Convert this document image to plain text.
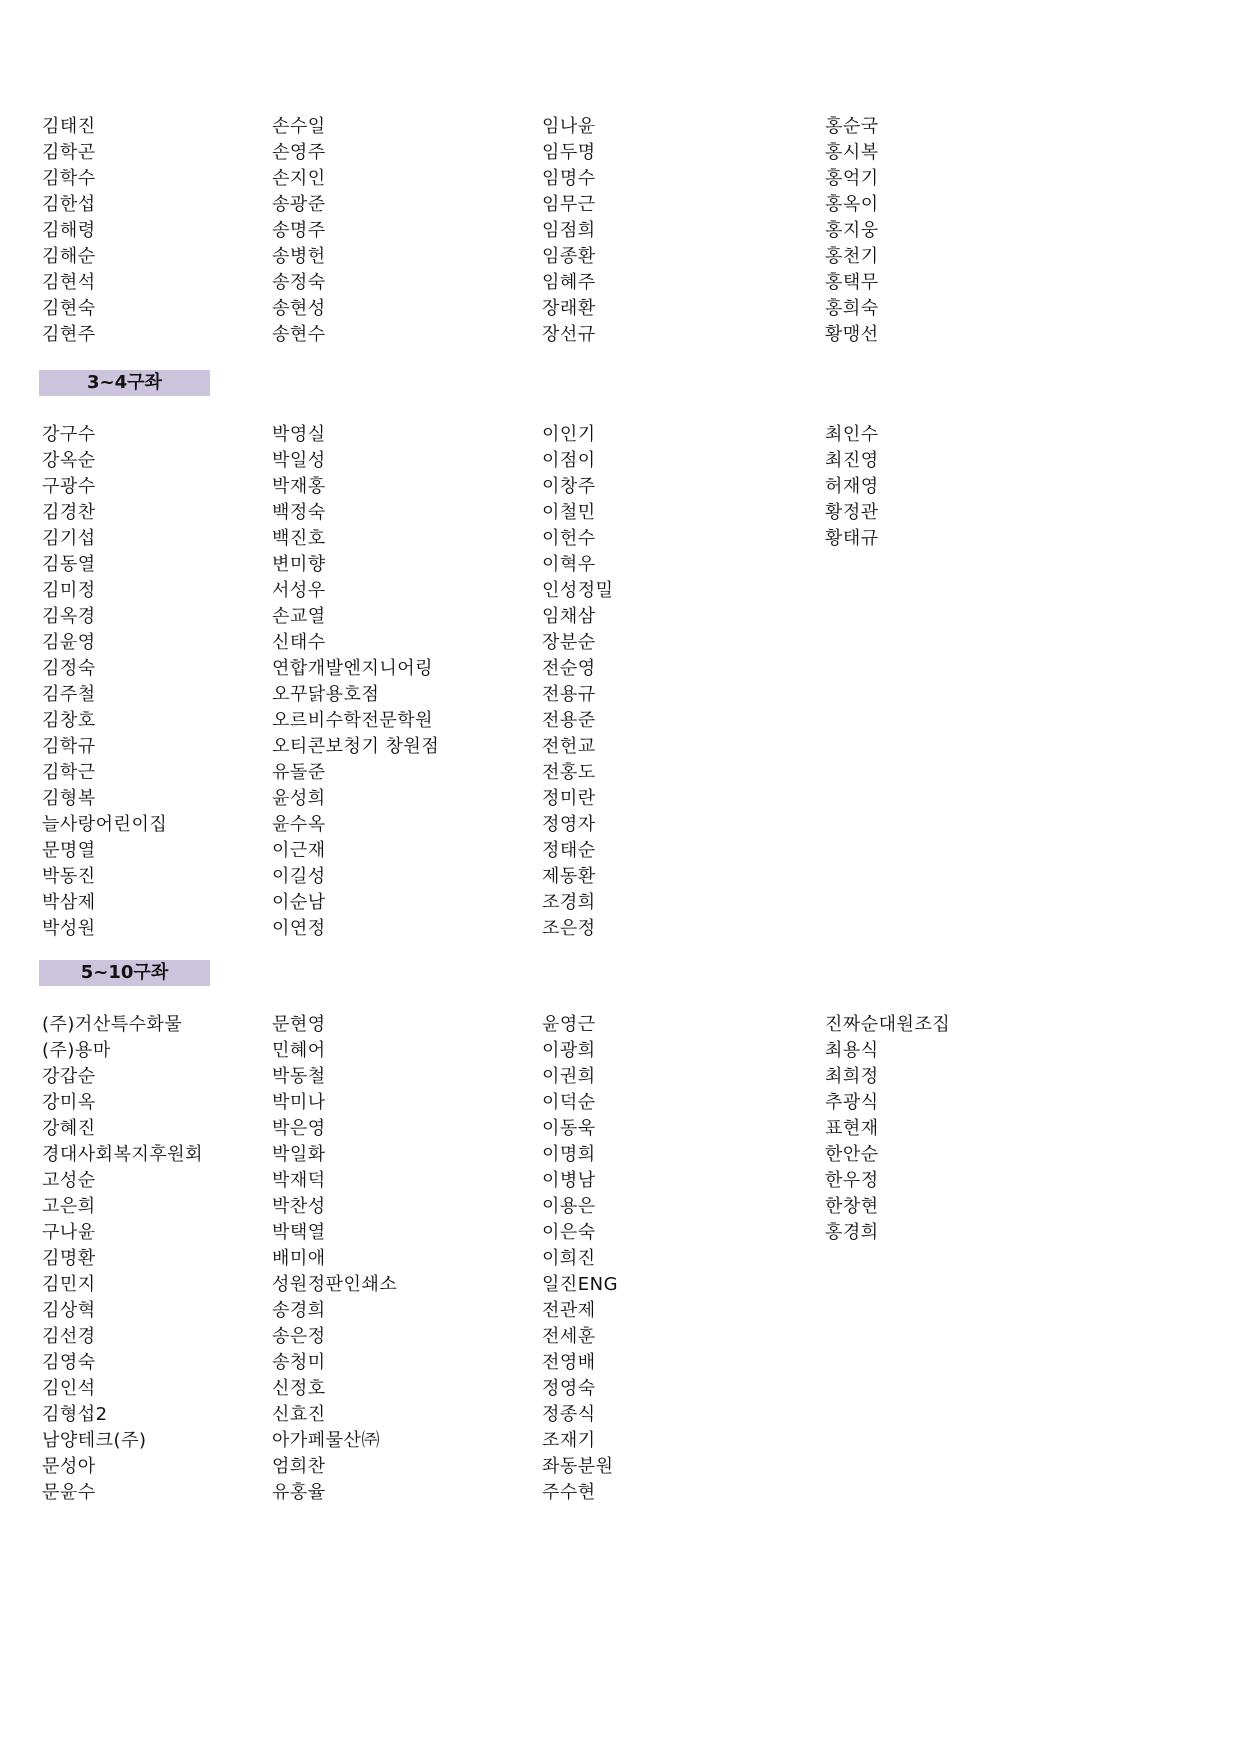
김태진
김학곤
김학수
김한섭
김해령
김해순
김현석
김현숙
김현주
손수일
손영주
손지인
송광준
송명주
송병헌
송정숙
송현성
송현수
임나윤
임두명
임명수
임무근
임점희
임종환
임혜주
장래환
장선규
홍순국
홍시복
홍억기
홍옥이
홍지웅
홍천기
홍택무
홍희숙
황맹선
3~4구좌
강구수
강옥순
구광수
김경찬
김기섭
김동열
김미정
김옥경
김윤영
김정숙
김주철
김창호
김학규
김학근
김형복
늘사랑어린이집
문명열
박동진
박삼제
박성원
박영실
박일성
박재홍
백정숙
백진호
변미향
서성우
손교열
신태수
연합개발엔지니어링
오꾸닭용호점
오르비수학전문학원
오티콘보청기 창원점
유돌준
윤성희
윤수옥
이근재
이길성
이순남
이연정
이인기
이점이
이창주
이철민
이헌수
이혁우
인성정밀
임채삼
장분순
전순영
전용규
전용준
전헌교
전홍도
정미란
정영자
정태순
제동환
조경희
조은정
최인수
최진영
허재영
황정관
황태규
5~10구좌
(주)거산특수화물
(주)용마
강갑순
강미옥
강혜진
경대사회복지후원회
고성순
고은희
구나윤
김명환
김민지
김상혁
김선경
김영숙
김인석
김형섭2
남양테크(주)
문성아
문윤수
문현영
민혜어
박동철
박미나
박은영
박일화
박재덕
박찬성
박택열
배미애
성원정판인쇄소
송경희
송은정
송청미
신정호
신효진
아가페물산㈜
엄희찬
유홍율
윤영근
이광희
이권희
이덕순
이동욱
이명희
이병남
이용은
이은숙
이희진
일진ENG
전관제
전세훈
전영배
정영숙
정종식
조재기
좌동분원
주수현
진짜순대원조집
최용식
최희정
추광식
표현재
한안순
한우정
한창현
홍경희
